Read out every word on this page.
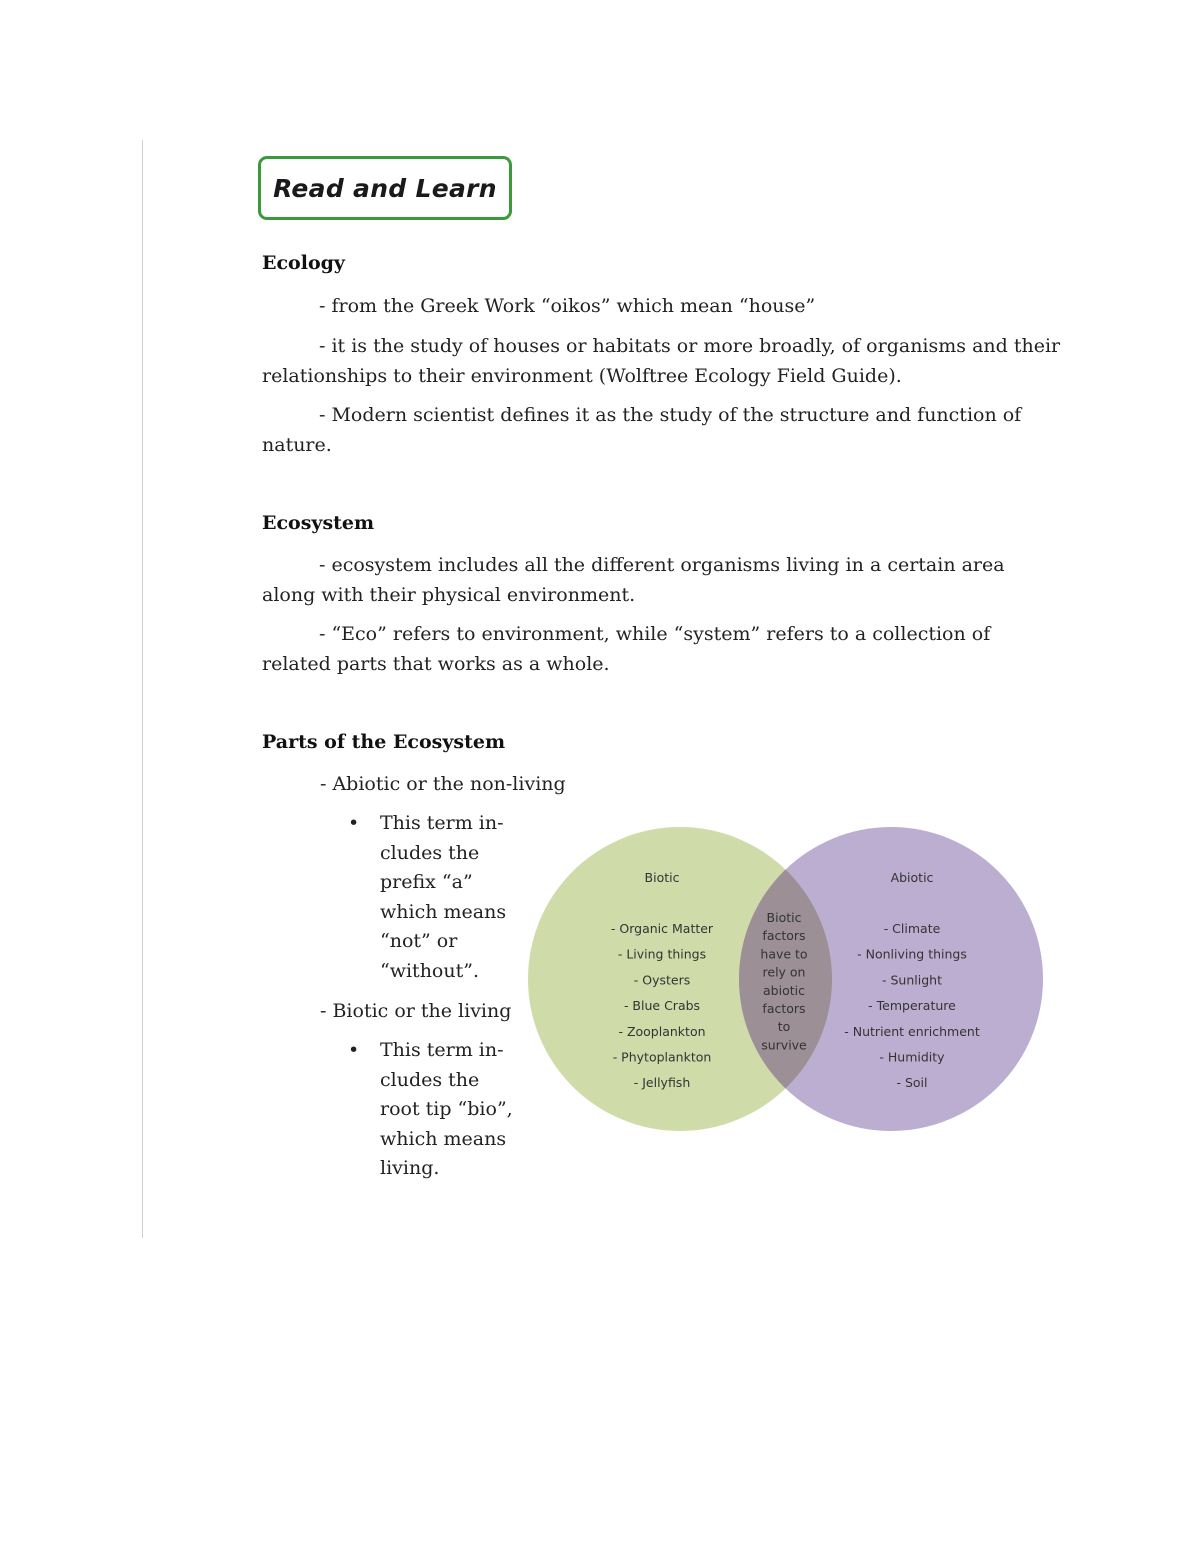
Read and Learn
Ecology

- from the Greek Work “oikos” which mean “house”

- it is the study of houses or habitats or more broadly, of organisms and their relationships to their environment (Wolftree Ecology Field Guide).

- Modern scientist defines it as the study of the structure and function of nature.

Ecosystem

- ecosystem includes all the different organisms living in a certain area along with their physical environment.

- “Eco” refers to environment, while “system” refers to a collection of related parts that works as a whole.

Parts of the Ecosystem
- Abiotic or the non-living
• This term in-cludes the prefix “a” which means “not” or “without”.
- Biotic or the living
• This term in-cludes the root tip “bio”, which means living.
Biotic
- Organic Matter
- Living things
- Oysters
- Blue Crabs
- Zooplankton
- Phytoplankton
- Jellyfish
Abiotic
- Climate
- Nonliving things
- Sunlight
- Temperature
- Nutrient enrichment
- Humidity
- Soil
Biotic
factors
have to
rely on
abiotic
factors
to
survive
